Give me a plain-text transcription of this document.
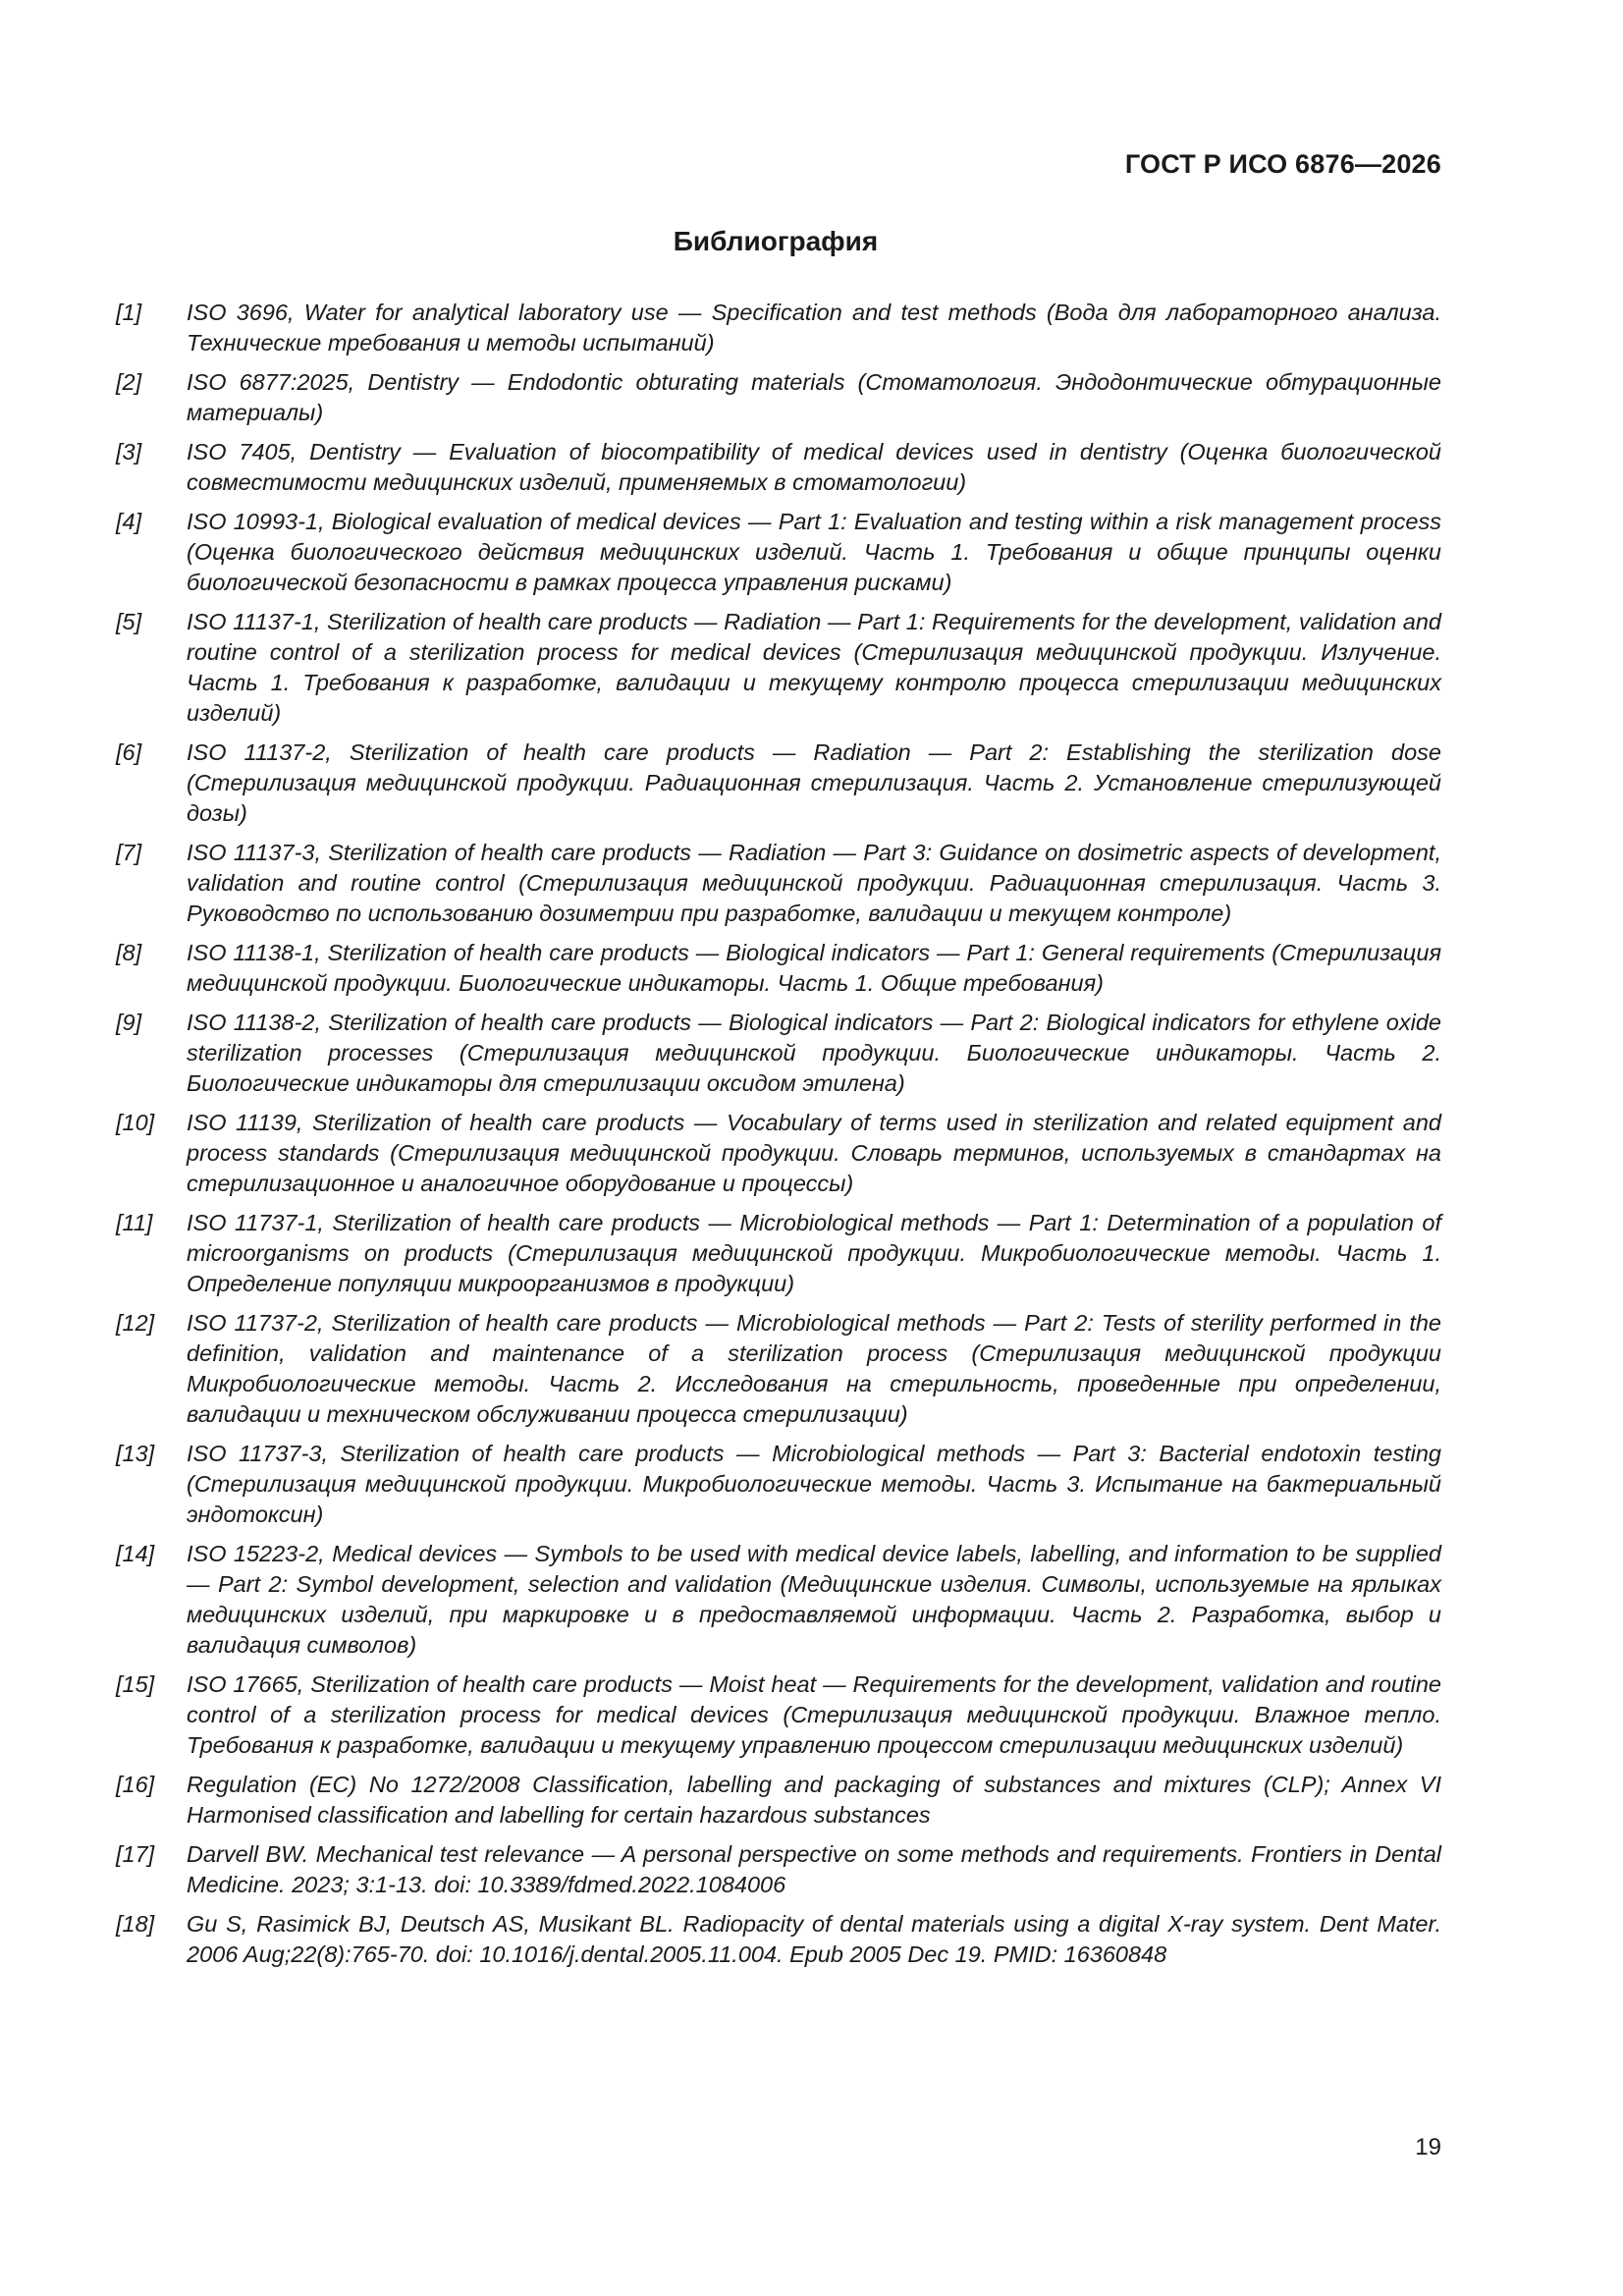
ГОСТ Р ИСО 6876—2026
Библиография
[1]	ISO 3696, Water for analytical laboratory use — Specification and test methods (Вода для лабораторного анализа. Технические требования и методы испытаний)
[2]	ISO 6877:2025, Dentistry — Endodontic obturating materials (Стоматология. Эндодонтические обтурационные материалы)
[3]	ISO 7405, Dentistry — Evaluation of biocompatibility of medical devices used in dentistry (Оценка биологической совместимости медицинских изделий, применяемых в стоматологии)
[4]	ISO 10993-1, Biological evaluation of medical devices — Part 1: Evaluation and testing within a risk management process (Оценка биологического действия медицинских изделий. Часть 1. Требования и общие принципы оценки биологической безопасности в рамках процесса управления рисками)
[5]	ISO 11137-1, Sterilization of health care products — Radiation — Part 1: Requirements for the development, validation and routine control of a sterilization process for medical devices (Стерилизация медицинской продукции. Излучение. Часть 1. Требования к разработке, валидации и текущему контролю процесса стерилизации медицинских изделий)
[6]	ISO 11137-2, Sterilization of health care products — Radiation — Part 2: Establishing the sterilization dose (Стерилизация медицинской продукции. Радиационная стерилизация. Часть 2. Установление стерилизующей дозы)
[7]	ISO 11137-3, Sterilization of health care products — Radiation — Part 3: Guidance on dosimetric aspects of development, validation and routine control (Стерилизация медицинской продукции. Радиационная стерилизация. Часть 3. Руководство по использованию дозиметрии при разработке, валидации и текущем контроле)
[8]	ISO 11138-1, Sterilization of health care products — Biological indicators — Part 1: General requirements (Стерилизация медицинской продукции. Биологические индикаторы. Часть 1. Общие требования)
[9]	ISO 11138-2, Sterilization of health care products — Biological indicators — Part 2: Biological indicators for ethylene oxide sterilization processes (Стерилизация медицинской продукции. Биологические индикаторы. Часть 2. Биологические индикаторы для стерилизации оксидом этилена)
[10]	ISO 11139, Sterilization of health care products — Vocabulary of terms used in sterilization and related equipment and process standards (Стерилизация медицинской продукции. Словарь терминов, используемых в стандартах на стерилизационное и аналогичное оборудование и процессы)
[11]	ISO 11737-1, Sterilization of health care products — Microbiological methods — Part 1: Determination of a population of microorganisms on products (Стерилизация медицинской продукции. Микробиологические методы. Часть 1. Определение популяции микроорганизмов в продукции)
[12]	ISO 11737-2, Sterilization of health care products — Microbiological methods — Part 2: Tests of sterility performed in the definition, validation and maintenance of a sterilization process (Стерилизация медицинской продукции Микробиологические методы. Часть 2. Исследования на стерильность, проведенные при определении, валидации и техническом обслуживании процесса стерилизации)
[13]	ISO 11737-3, Sterilization of health care products — Microbiological methods — Part 3: Bacterial endotoxin testing (Стерилизация медицинской продукции. Микробиологические методы. Часть 3. Испытание на бактериальный эндотоксин)
[14]	ISO 15223-2, Medical devices — Symbols to be used with medical device labels, labelling, and information to be supplied — Part 2: Symbol development, selection and validation (Медицинские изделия. Символы, используемые на ярлыках медицинских изделий, при маркировке и в предоставляемой информации. Часть 2. Разработка, выбор и валидация символов)
[15]	ISO 17665, Sterilization of health care products — Moist heat — Requirements for the development, validation and routine control of a sterilization process for medical devices (Стерилизация медицинской продукции. Влажное тепло. Требования к разработке, валидации и текущему управлению процессом стерилизации медицинских изделий)
[16]	Regulation (EC) No 1272/2008 Classification, labelling and packaging of substances and mixtures (CLP); Annex VI Harmonised classification and labelling for certain hazardous substances
[17]	Darvell BW. Mechanical test relevance — A personal perspective on some methods and requirements. Frontiers in Dental Medicine. 2023; 3:1-13. doi: 10.3389/fdmed.2022.1084006
[18]	Gu S, Rasimick BJ, Deutsch AS, Musikant BL. Radiopacity of dental materials using a digital X-ray system. Dent Mater. 2006 Aug;22(8):765-70. doi: 10.1016/j.dental.2005.11.004. Epub 2005 Dec 19. PMID: 16360848
19
